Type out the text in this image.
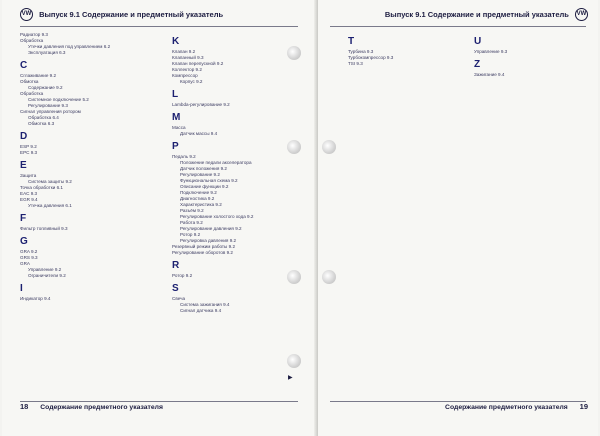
VW Выпуск 9.1 Содержание и предметный указатель
Радиатор 9.3
Обработка
Утечки давления под управлением 6.2
Эксплуатация 6.3
C
Сглаживание 9.2
Обмотка
Содержание 9.2
Обработка
Системное подключение 5.2
Регулирование 9.3
Сигнал управления ротором
Обработка 6.4
Обмотка 6.3
D
ESP 9.2
EPC 9.3
E
Защита
Система защиты 9.2
Точка обработки 6.1
EAC 9.3
EGR 9.4
Утечка давления 6.1
F
Фильтр топливный 9.3
G
GRA 9.2
GRS 9.3
GRA
Управление 9.2
Ограничители 9.2
I
Индикатор 9.4
K
Клапан 9.2
Клапанный 9.3
Клапан перепускной 9.2
Коллектор 9.2
Компрессор
Корпус 9.2
L
Lambda-регулирование 9.2
M
Масса
Датчик массы 9.4
P
Педаль 9.2
Положение педали акселератора
Датчик положения 9.2
Регулирование 9.2
Функциональная схема 9.2
Описание функции 9.2
Подключение 9.2
Диагностика 9.2
Характеристика 9.2
Разъём 9.2
Регулирование холостого хода 9.2
Работа 9.2
Регулирование давления 9.2
Ротор 9.2
Регулировка давления 9.2
Резервный режим работы 9.2
Регулирование оборотов 9.2
R
Ротор 9.2
S
Свеча
Система зажигания 9.4
Сигнал датчика 9.4
18 Содержание предметного указателя
▶
Выпуск 9.1 Содержание и предметный указатель VW
T
Турбина 9.3
Турбокомпрессор 9.3
TSI 9.3
U
Управление 9.3
Z
Зажигание 9.4
Содержание предметного указателя 19
